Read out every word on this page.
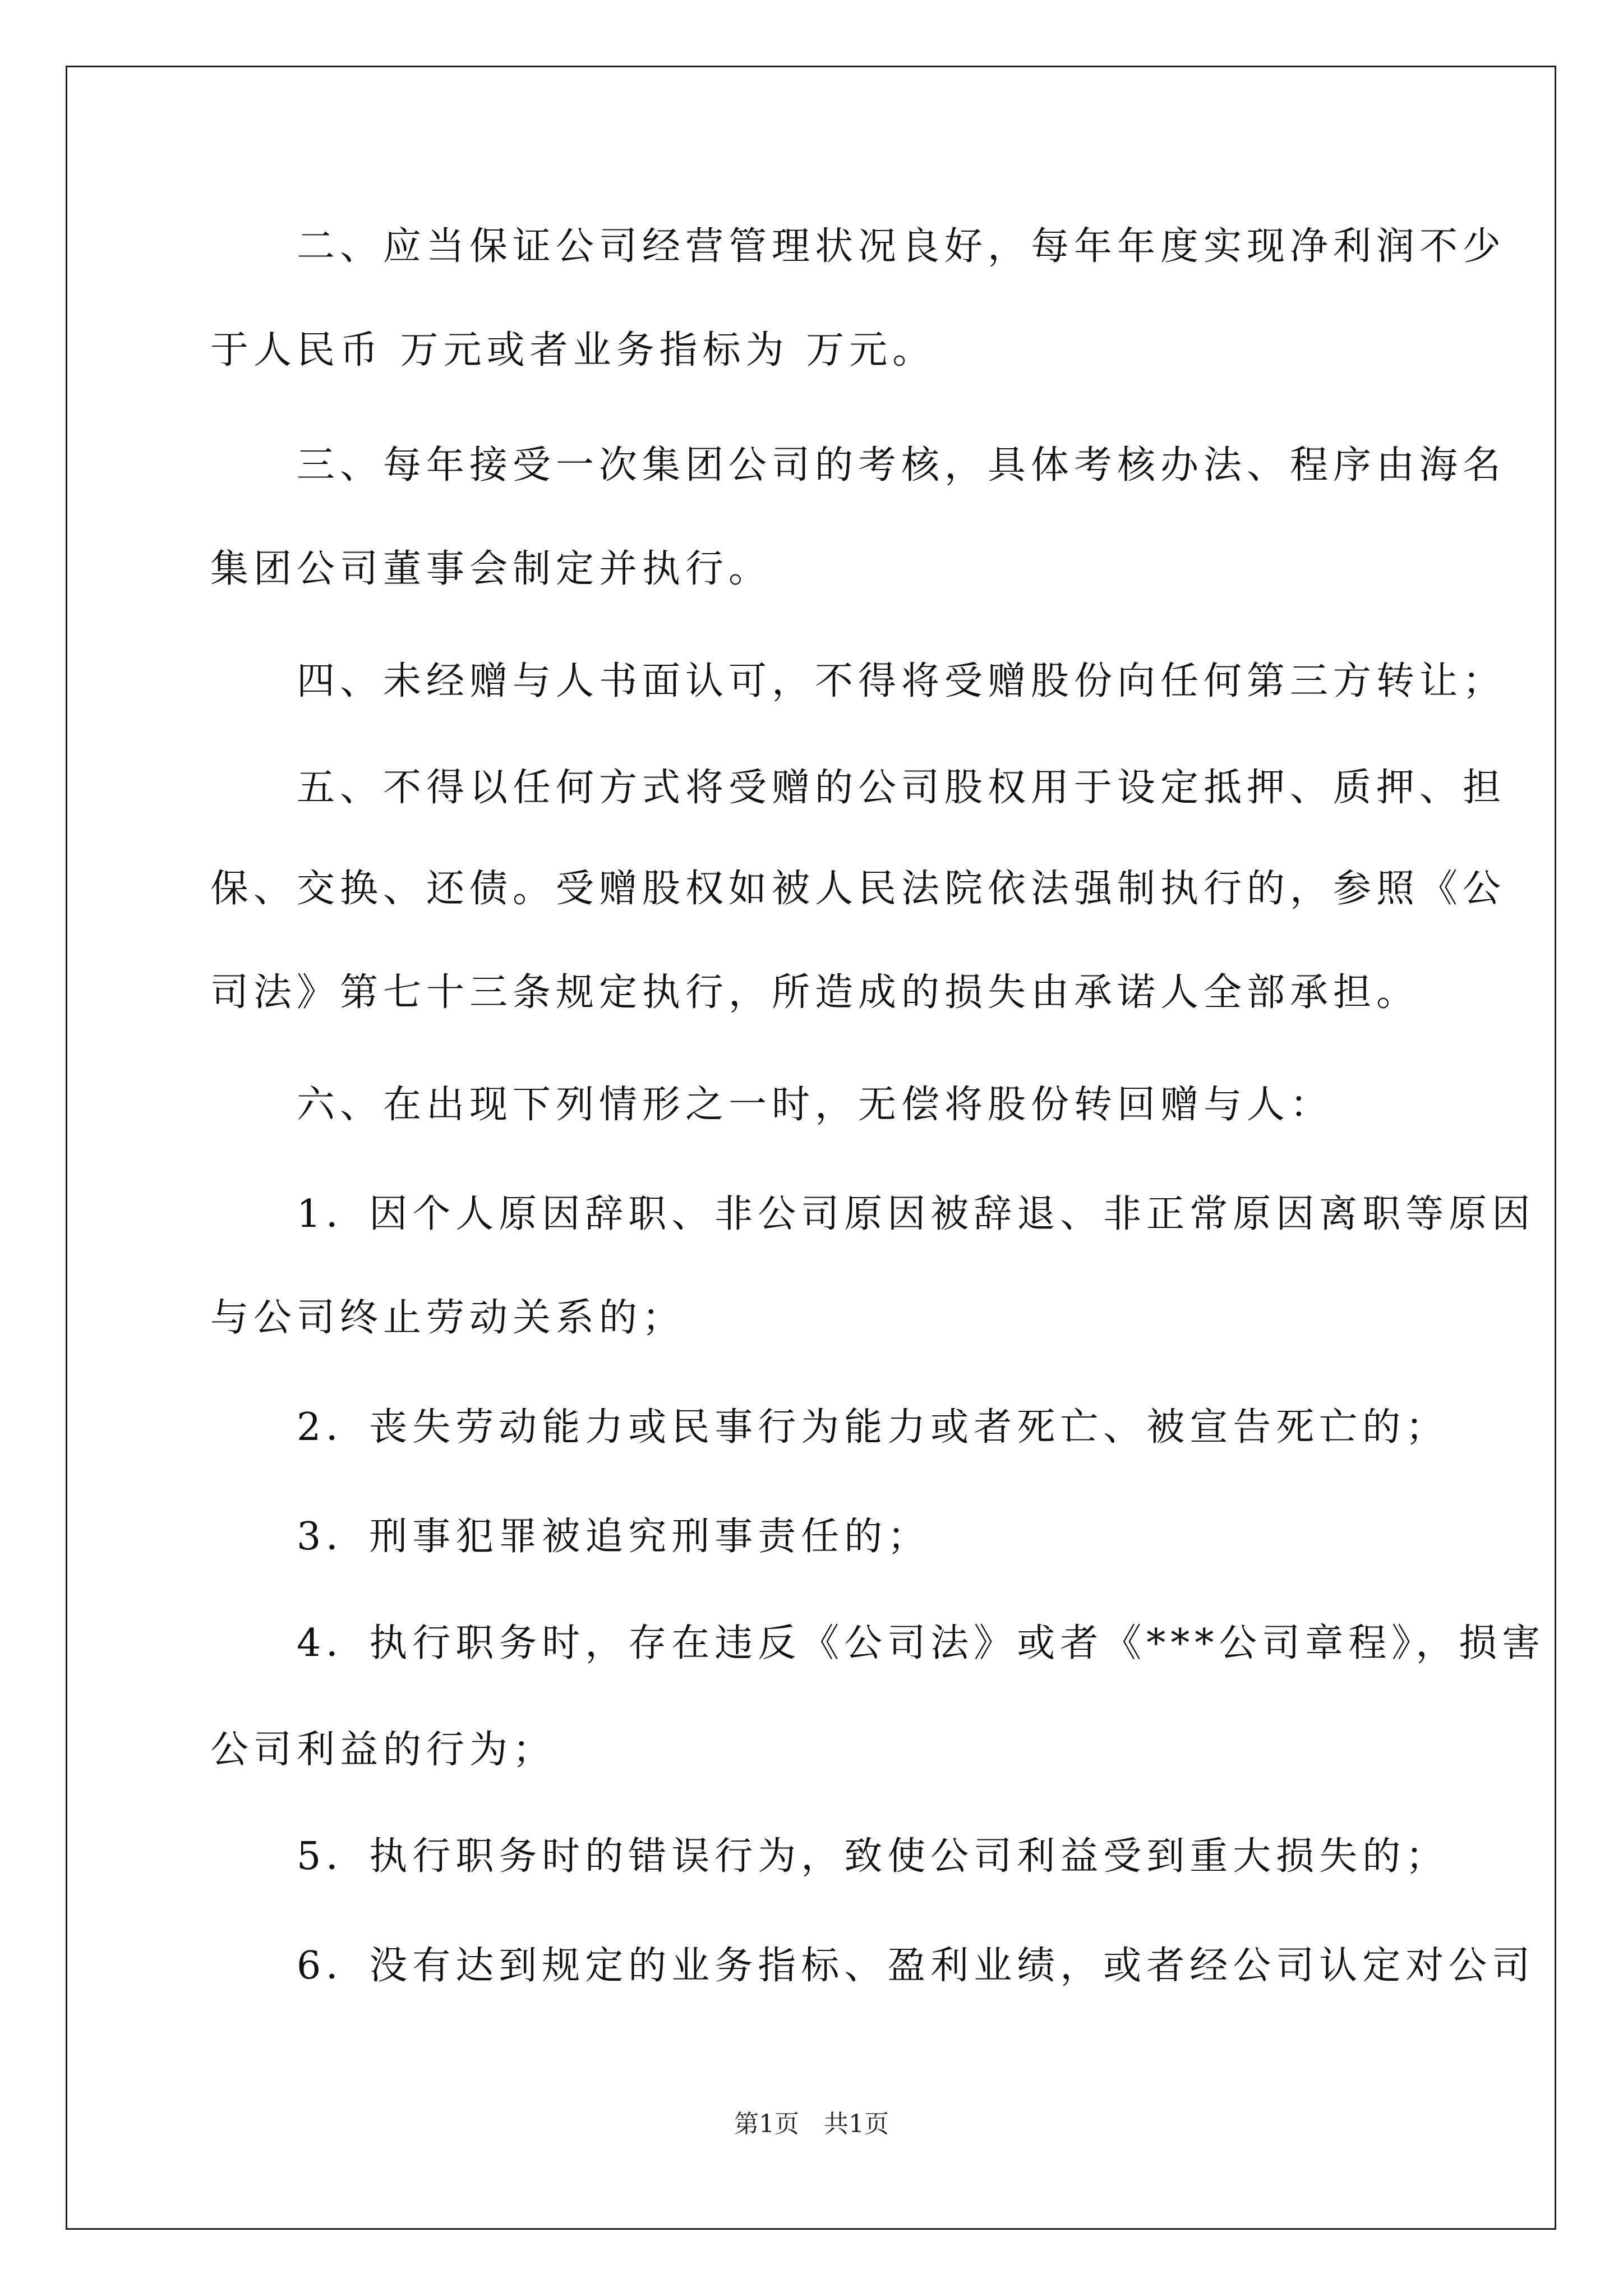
　　二、应当保证公司经营管理状况良好，每年年度实现净利润不少
于人民币 万元或者业务指标为 万元。
　　三、每年接受一次集团公司的考核，具体考核办法、程序由海名
集团公司董事会制定并执行。
　　四、未经赠与人书面认可，不得将受赠股份向任何第三方转让；
　　五、不得以任何方式将受赠的公司股权用于设定抵押、质押、担
保、交换、还债。受赠股权如被人民法院依法强制执行的，参照《公
司法》第七十三条规定执行，所造成的损失由承诺人全部承担。
　　六、在出现下列情形之一时，无偿将股份转回赠与人：
　　1．因个人原因辞职、非公司原因被辞退、非正常原因离职等原因
与公司终止劳动关系的；
　　2．丧失劳动能力或民事行为能力或者死亡、被宣告死亡的；
　　3．刑事犯罪被追究刑事责任的；
　　4．执行职务时，存在违反《公司法》或者《***公司章程》，损害
公司利益的行为；
　　5．执行职务时的错误行为，致使公司利益受到重大损失的；
　　6．没有达到规定的业务指标、盈利业绩，或者经公司认定对公司
第1页　共1页
